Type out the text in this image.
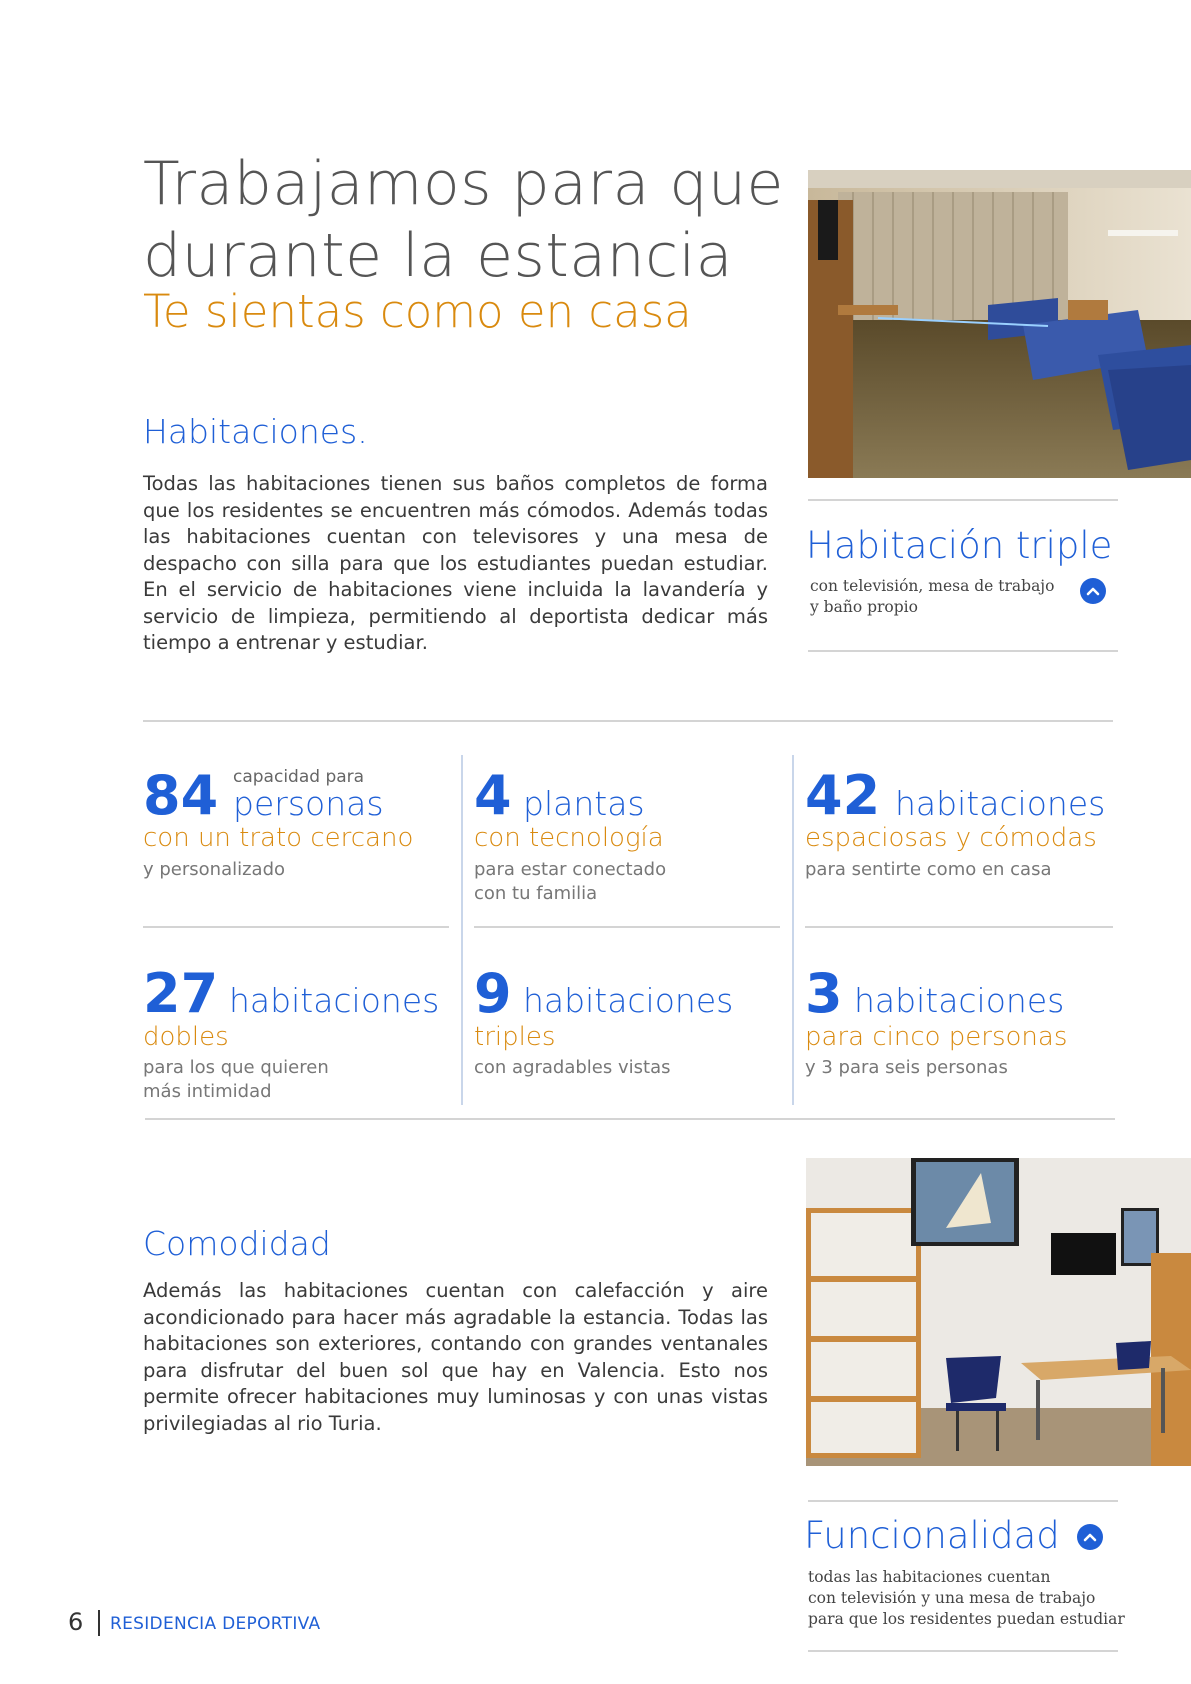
Trabajamos para que
durante la estancia
Te sientas como en casa
Habitaciones.
Todas las habitaciones tienen sus baños completos de forma que los residentes se encuentren más cómodos. Además todas las habitaciones cuentan con televisores y una mesa de despacho con silla para que los estudiantes puedan estudiar. En el servicio de habitaciones viene incluida la lavandería y servicio de limpieza, permitiendo al deportista dedicar más tiempo a entrenar y estudiar.
Habitación triple
con televisión, mesa de trabajo
y baño propio
84 capacidad para
personas
con un trato cercano
y personalizado
4 plantas
con tecnología
para estar conectado
con tu familia
42 habitaciones
espaciosas y cómodas
para sentirte como en casa
27 habitaciones
dobles
para los que quieren
más intimidad
9 habitaciones
triples
con agradables vistas
3 habitaciones
para cinco personas
y 3 para seis personas
Comodidad
Además las habitaciones cuentan con calefacción y aire acondicionado para hacer más agradable la estancia. Todas las habitaciones son exteriores, contando con grandes ventanales para disfrutar del buen sol que hay en Valencia. Esto nos permite ofrecer habitaciones muy luminosas y con unas vistas privilegiadas al rio Turia.
Funcionalidad
todas las habitaciones cuentan
con televisión y una mesa de trabajo
para que los residentes puedan estudiar
6 RESIDENCIA DEPORTIVA
